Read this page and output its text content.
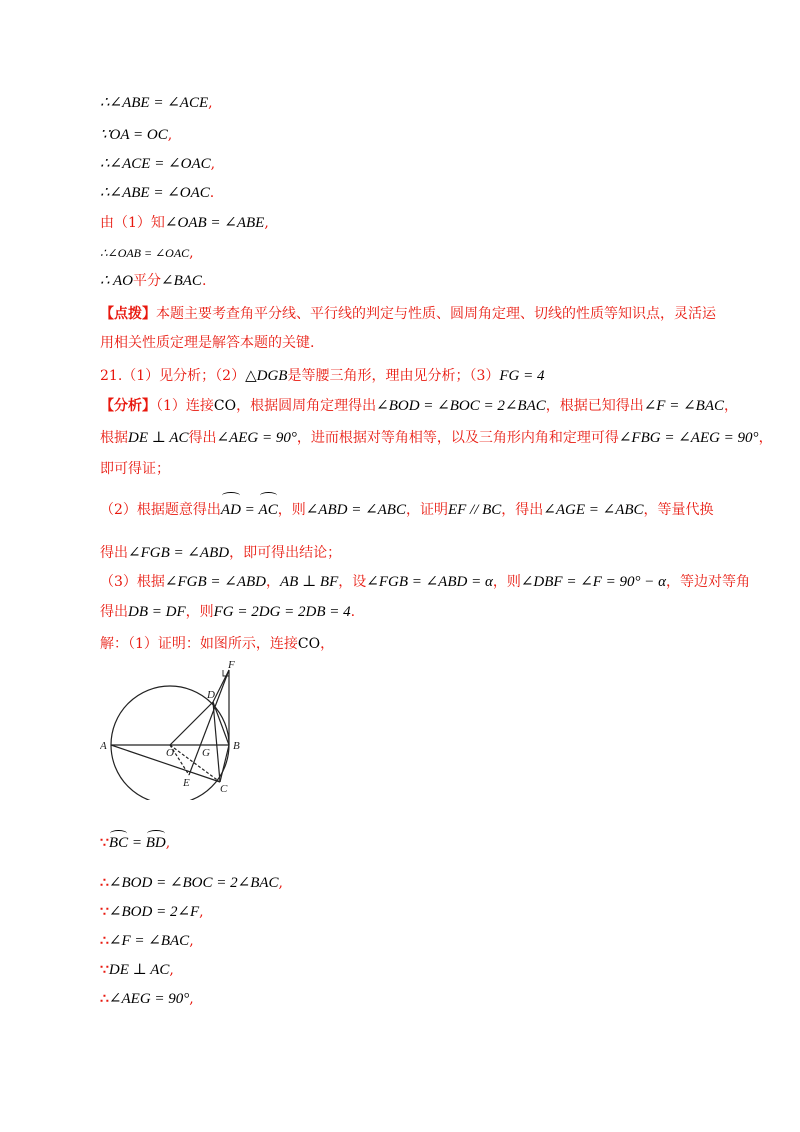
∴∠ABE = ∠ACE,
∵OA = OC,
∴∠ACE = ∠OAC,
∴∠ABE = ∠OAC.
由（1）知∠OAB = ∠ABE,
∴∠OAB = ∠OAC,
∴ AO平分∠BAC.
【点拨】本题主要考查角平分线、平行线的判定与性质、圆周角定理、切线的性质等知识点，灵活运
用相关性质定理是解答本题的关键.
21.（1）见分析；（2）△DGB是等腰三角形，理由见分析；（3）FG = 4
【分析】（1）连接CO，根据圆周角定理得出∠BOD = ∠BOC = 2∠BAC，根据已知得出∠F = ∠BAC，
根据DE ⊥ AC得出∠AEG = 90°，进而根据对等角相等，以及三角形内角和定理可得∠FBG = ∠AEG = 90°，
即可得证；
（2）根据题意得出AD = AC，则∠ABD = ∠ABC，证明EF // BC，得出∠AGE = ∠ABC，等量代换
得出∠FGB = ∠ABD，即可得出结论；
（3）根据∠FGB = ∠ABD，AB ⊥ BF，设∠FGB = ∠ABD = α，则∠DBF = ∠F = 90° − α，等边对等角
得出DB = DF，则FG = 2DG = 2DB = 4.
解：（1）证明：如图所示，连接CO，
F
D
A
O	G
B
E	C
∵BC = BD,
∴∠BOD = ∠BOC = 2∠BAC,
∵∠BOD = 2∠F,
∴∠F = ∠BAC,
∵DE ⊥ AC,
∴∠AEG = 90°,
